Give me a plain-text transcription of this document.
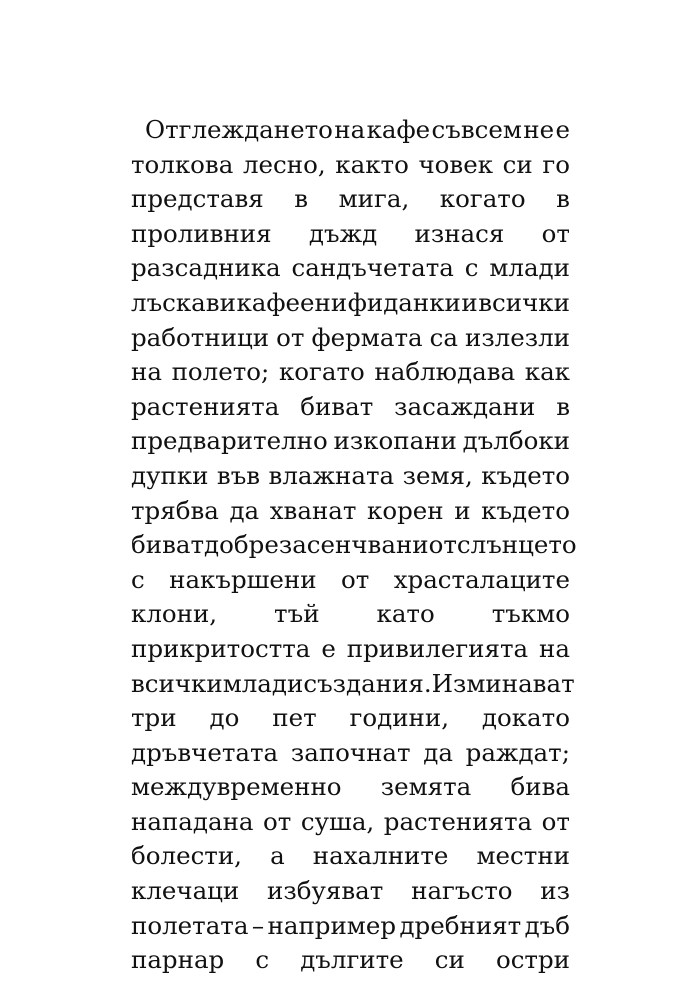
Отглеждането на кафе съвсем не е
толкова лесно, както човек си го
представя в мига, когато в
проливния дъжд изнася от
разсадника сандъчетата с млади
лъскави кафеени фиданки и всички
работници от фермата са излезли
на полето; когато наблюдава как
растенията биват засаждани в
предварително изкопани дълбоки
дупки във влажната земя, където
трябва да хванат корен и където
биват добре засенчвани от слънцето
с накършени от храсталаците
клони, тъй като тъкмо
прикритостта е привилегията на
всички млади създания. Изминават
три до пет години, докато
дръвчетата започнат да раждат;
междувременно земята бива
нападана от суша, растенията от
болести, а нахалните местни
клечаци избуяват нагъсто из
полетата – например дребният дъб
парнар с дългите си остри
